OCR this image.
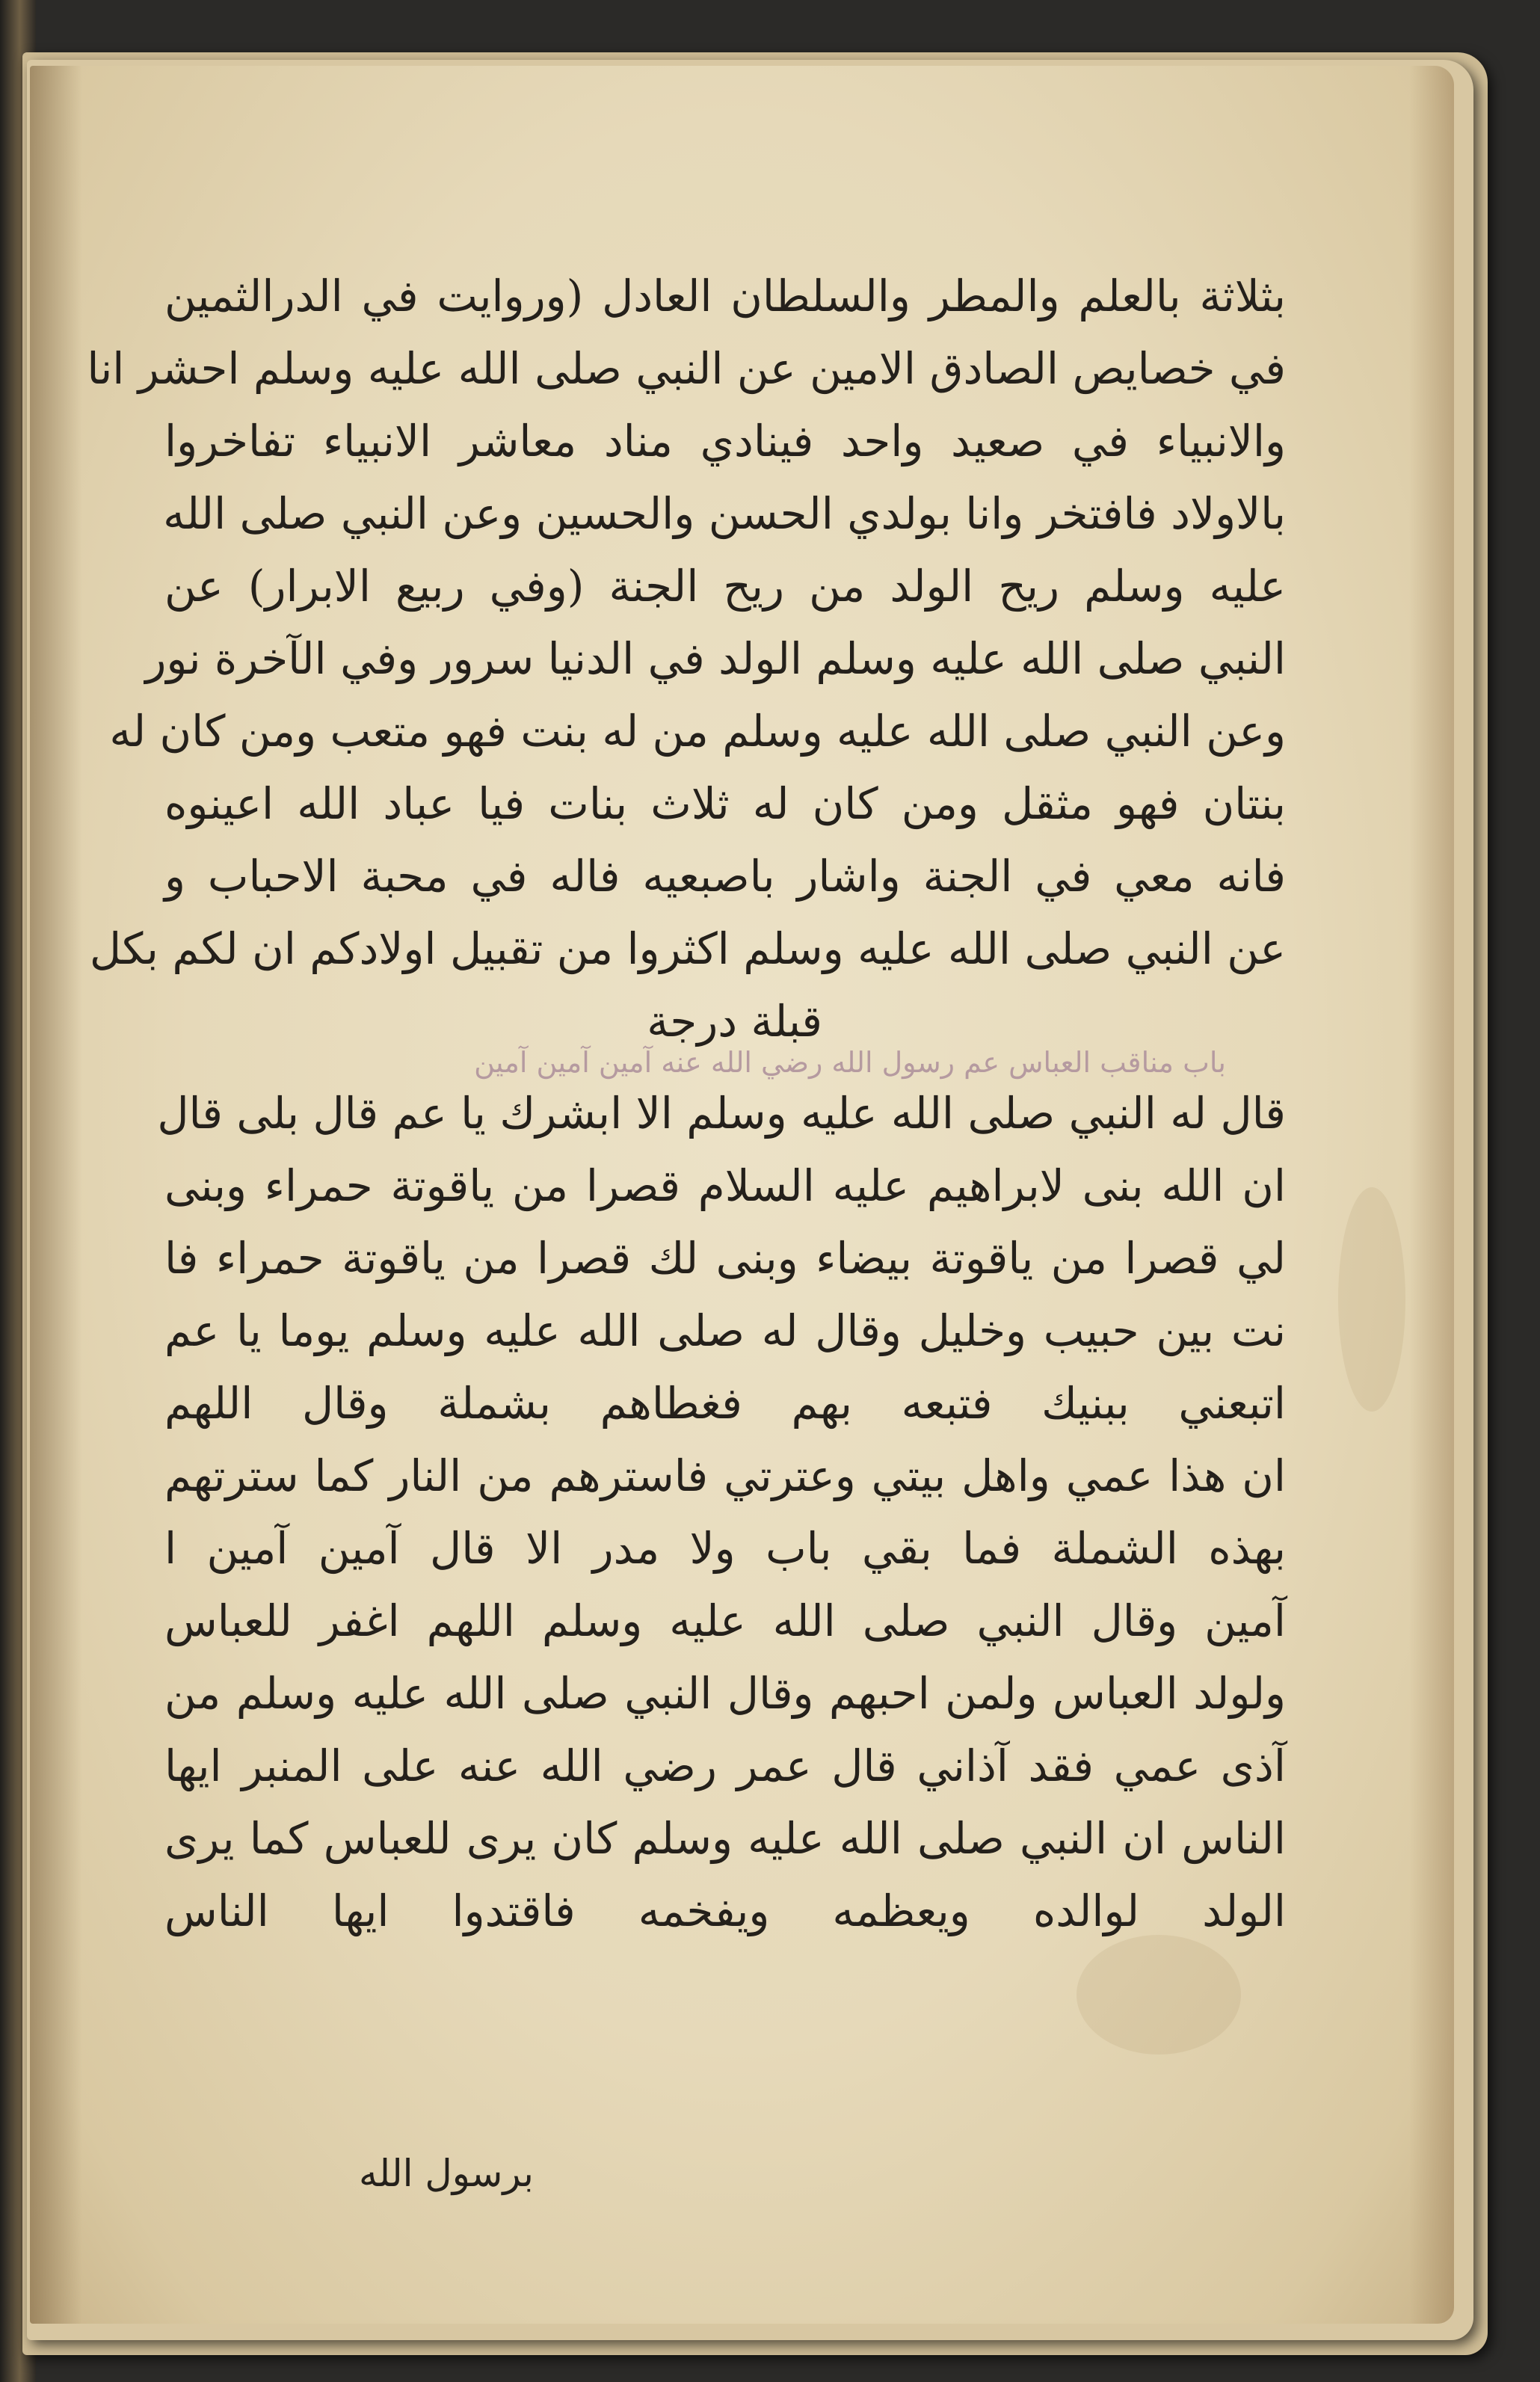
بثلاثة بالعلم والمطر والسلطان العادل (وروايت في الدرالثمين
في خصايص الصادق الامين عن النبي صلى الله عليه وسلم احشر انا
والانبياء في صعيد واحد فينادي مناد معاشر الانبياء تفاخروا
بالاولاد فافتخر وانا بولدي الحسن والحسين وعن النبي صلى الله
عليه وسلم ريح الولد من ريح الجنة (وفي ربيع الابرار) عن
النبي صلى الله عليه وسلم الولد في الدنيا سرور وفي الآخرة نور
وعن النبي صلى الله عليه وسلم من له بنت فهو متعب ومن كان له
بنتان فهو مثقل ومن كان له ثلاث بنات فيا عباد الله اعينوه
فانه معي في الجنة واشار باصبعيه فاله في محبة الاحباب و
عن النبي صلى الله عليه وسلم اكثروا من تقبيل اولادكم ان لكم بكل
قبلة درجة
باب مناقب العباس عم رسول الله رضي الله عنه آمين آمين آمين
قال له النبي صلى الله عليه وسلم الا ابشرك يا عم قال بلى قال
ان الله بنى لابراهيم عليه السلام قصرا من ياقوتة حمراء وبنى
لي قصرا من ياقوتة بيضاء وبنى لك قصرا من ياقوتة حمراء فا
نت بين حبيب وخليل وقال له صلى الله عليه وسلم يوما يا عم
اتبعني ببنيك فتبعه بهم فغطاهم بشملة وقال اللهم
ان هذا عمي واهل بيتي وعترتي فاسترهم من النار كما سترتهم
بهذه الشملة فما بقي باب ولا مدر الا قال آمين آمين ا
آمين وقال النبي صلى الله عليه وسلم اللهم اغفر للعباس
ولولد العباس ولمن احبهم وقال النبي صلى الله عليه وسلم من
آذى عمي فقد آذاني قال عمر رضي الله عنه على المنبر ايها
الناس ان النبي صلى الله عليه وسلم كان يرى للعباس كما يرى
الولد لوالده ويعظمه ويفخمه فاقتدوا ايها الناس
برسول الله
